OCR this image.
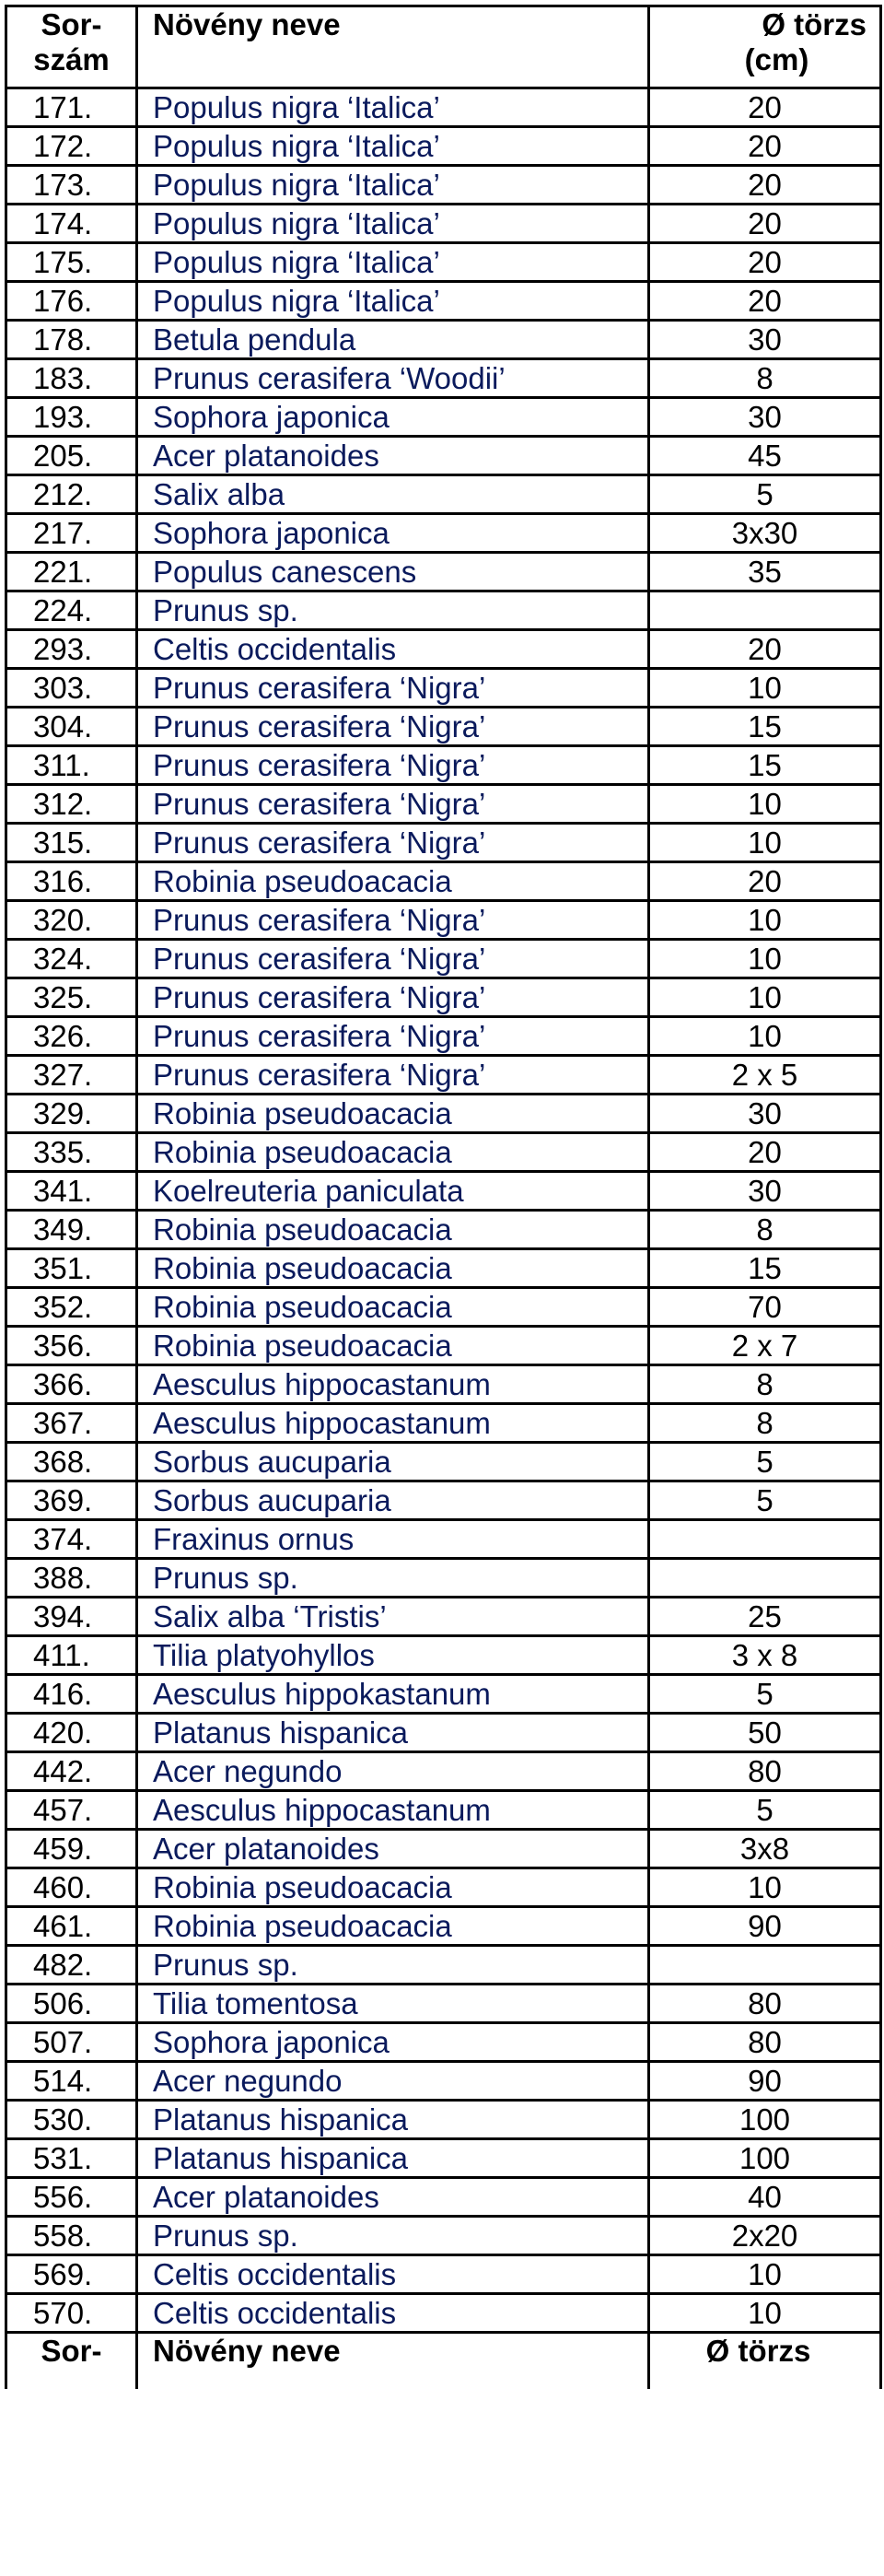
Sor-
szám	Növény neve	Ø törzs
(cm)

171.	Populus nigra ‘Italica’	20
172.	Populus nigra ‘Italica’	20
173.	Populus nigra ‘Italica’	20
174.	Populus nigra ‘Italica’	20
175.	Populus nigra ‘Italica’	20
176.	Populus nigra ‘Italica’	20
178.	Betula pendula	30
183.	Prunus cerasifera ‘Woodii’	8
193.	Sophora japonica	30
205.	Acer platanoides	45
212.	Salix alba	5
217.	Sophora japonica	3x30
221.	Populus canescens	35
224.	Prunus sp.	
293.	Celtis occidentalis	20
303.	Prunus cerasifera ‘Nigra’	10
304.	Prunus cerasifera ‘Nigra’	15
311.	Prunus cerasifera ‘Nigra’	15
312.	Prunus cerasifera ‘Nigra’	10
315.	Prunus cerasifera ‘Nigra’	10
316.	Robinia pseudoacacia	20
320.	Prunus cerasifera ‘Nigra’	10
324.	Prunus cerasifera ‘Nigra’	10
325.	Prunus cerasifera ‘Nigra’	10
326.	Prunus cerasifera ‘Nigra’	10
327.	Prunus cerasifera ‘Nigra’	2 x 5
329.	Robinia pseudoacacia	30
335.	Robinia pseudoacacia	20
341.	Koelreuteria paniculata	30
349.	Robinia pseudoacacia	8
351.	Robinia pseudoacacia	15
352.	Robinia pseudoacacia	70
356.	Robinia pseudoacacia	2 x 7
366.	Aesculus hippocastanum	8
367.	Aesculus hippocastanum	8
368.	Sorbus aucuparia	5
369.	Sorbus aucuparia	5
374.	Fraxinus ornus	
388.	Prunus sp.	
394.	Salix alba ‘Tristis’	25
411.	Tilia platyohyllos	3 x 8
416.	Aesculus hippokastanum	5
420.	Platanus hispanica	50
442.	Acer negundo	80
457.	Aesculus hippocastanum	5
459.	Acer platanoides	3x8
460.	Robinia pseudoacacia	10
461.	Robinia pseudoacacia	90
482.	Prunus sp.	
506.	Tilia tomentosa	80
507.	Sophora japonica	80
514.	Acer negundo	90
530.	Platanus hispanica	100
531.	Platanus hispanica	100
556.	Acer platanoides	40
558.	Prunus sp.	2x20
569.	Celtis occidentalis	10
570.	Celtis occidentalis	10
Sor-	Növény neve	Ø törzs
